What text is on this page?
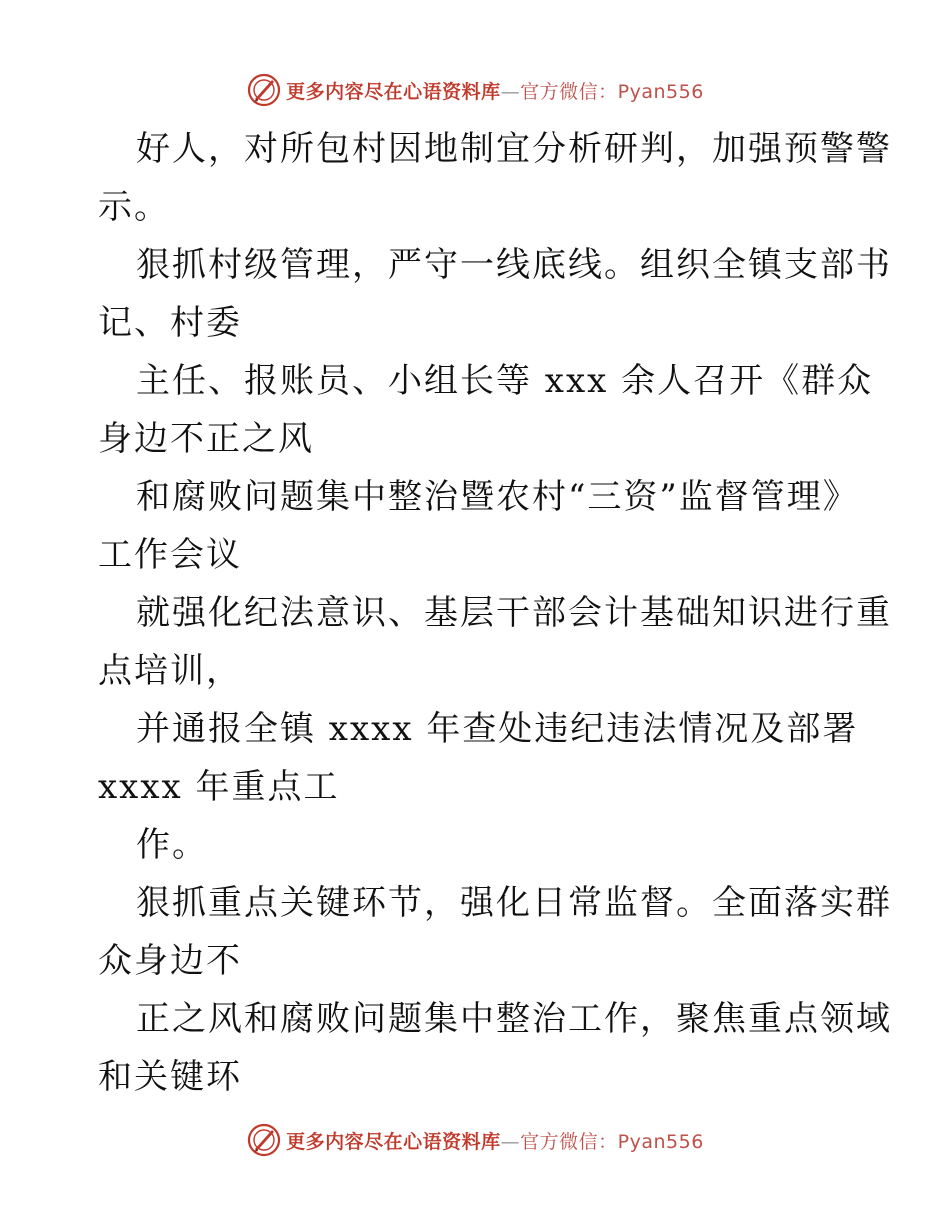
更多内容尽在心语资料库—官方微信：Pyan556
好人，对所包村因地制宜分析研判，加强预警警
示。
狠抓村级管理，严守一线底线。组织全镇支部书
记、村委
主任、报账员、小组长等 xxx 余人召开《群众
身边不正之风
和腐败问题集中整治暨农村“三资”监督管理》
工作会议
就强化纪法意识、基层干部会计基础知识进行重
点培训，
并通报全镇 xxxx 年查处违纪违法情况及部署
xxxx 年重点工
作。
狠抓重点关键环节，强化日常监督。全面落实群
众身边不
正之风和腐败问题集中整治工作，聚焦重点领域
和关键环
更多内容尽在心语资料库—官方微信：Pyan556
